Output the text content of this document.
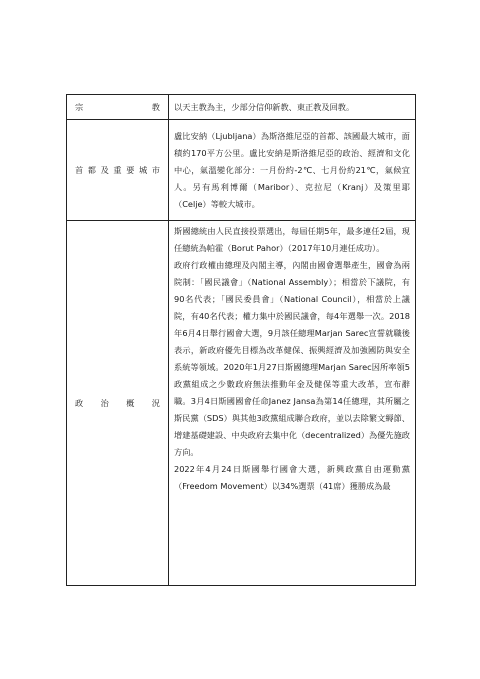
宗　　　教	以天主教為主，少部分信仰新教、東正教及回教。

首都及重要城市	盧比安納（Ljubljana）為斯洛維尼亞的首都、該國最大城市，面積約170平方公里。盧比安納是斯洛維尼亞的政治、經濟和文化中心，氣溫變化部分：一月份約-2℃、七月份約21℃，氣候宜人。另有馬利博爾（Maribor）、克拉尼（Kranj）及策里耶（Celje）等較大城市。

政　治　概　況	斯國總統由人民直接投票選出，每屆任期5年，最多連任2屆，現任總統為帕霍（Borut Pahor）（2017年10月連任成功）。

政府行政權由總理及內閣主導，內閣由國會選舉產生，國會為兩院制：「國民議會」（National Assembly）；相當於下議院，有90名代表；「國民委員會」（National Council），相當於上議院，有40名代表；權力集中於國民議會，每4年選舉一次。2018年6月4日舉行國會大選，9月該任總理Marjan Sarec宣誓就職後表示，新政府優先目標為改革健保、振興經濟及加強國防與安全系統等領域。2020年1月27日斯國總理Marjan Sarec因所率領5政黨組成之少數政府無法推動年金及健保等重大改革，宣布辭職。3月4日斯國國會任命Janez Jansa為第14任總理，其所屬之斯民黨（SDS）與其他3政黨組成聯合政府，並以去除繁文縟節、增建基礎建設、中央政府去集中化（decentralized）為優先施政方向。

2022年4月24日斯國舉行國會大選，新興政黨自由運動黨（Freedom Movement）以34%選票（41席）獲勝成為最
